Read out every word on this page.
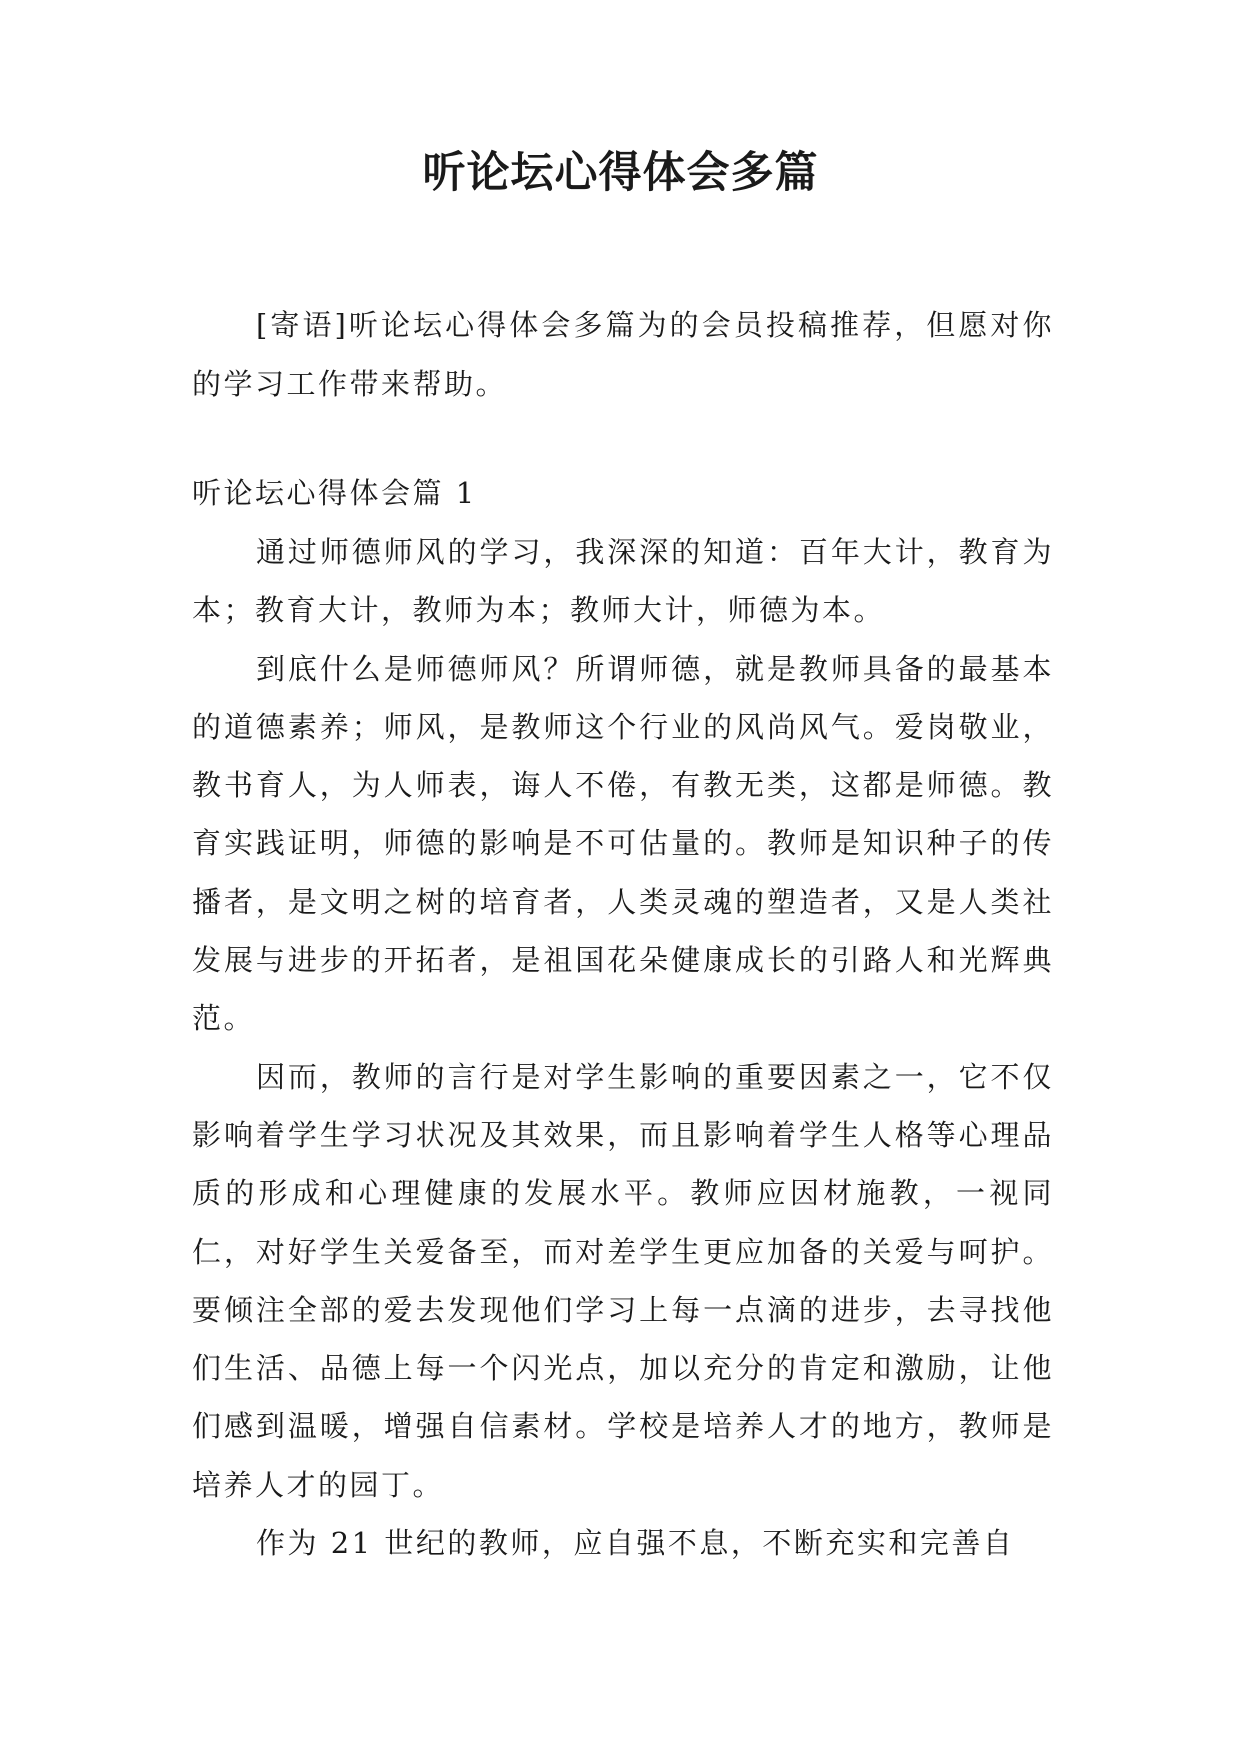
听论坛心得体会多篇

[寄语]听论坛心得体会多篇为的会员投稿推荐，但愿对你的学习工作带来帮助。

听论坛心得体会篇 1

通过师德师风的学习，我深深的知道：百年大计，教育为本；教育大计，教师为本；教师大计，师德为本。

到底什么是师德师风？所谓师德，就是教师具备的最基本的道德素养；师风，是教师这个行业的风尚风气。爱岗敬业，教书育人，为人师表，诲人不倦，有教无类，这都是师德。教育实践证明，师德的影响是不可估量的。教师是知识种子的传播者，是文明之树的培育者，人类灵魂的塑造者，又是人类社发展与进步的开拓者，是祖国花朵健康成长的引路人和光辉典范。

因而，教师的言行是对学生影响的重要因素之一，它不仅影响着学生学习状况及其效果，而且影响着学生人格等心理品质的形成和心理健康的发展水平。教师应因材施教，一视同仁，对好学生关爱备至，而对差学生更应加备的关爱与呵护。要倾注全部的爱去发现他们学习上每一点滴的进步，去寻找他们生活、品德上每一个闪光点，加以充分的肯定和激励，让他们感到温暖，增强自信素材。学校是培养人才的地方，教师是培养人才的园丁。

作为 21 世纪的教师，应自强不息，不断充实和完善自
